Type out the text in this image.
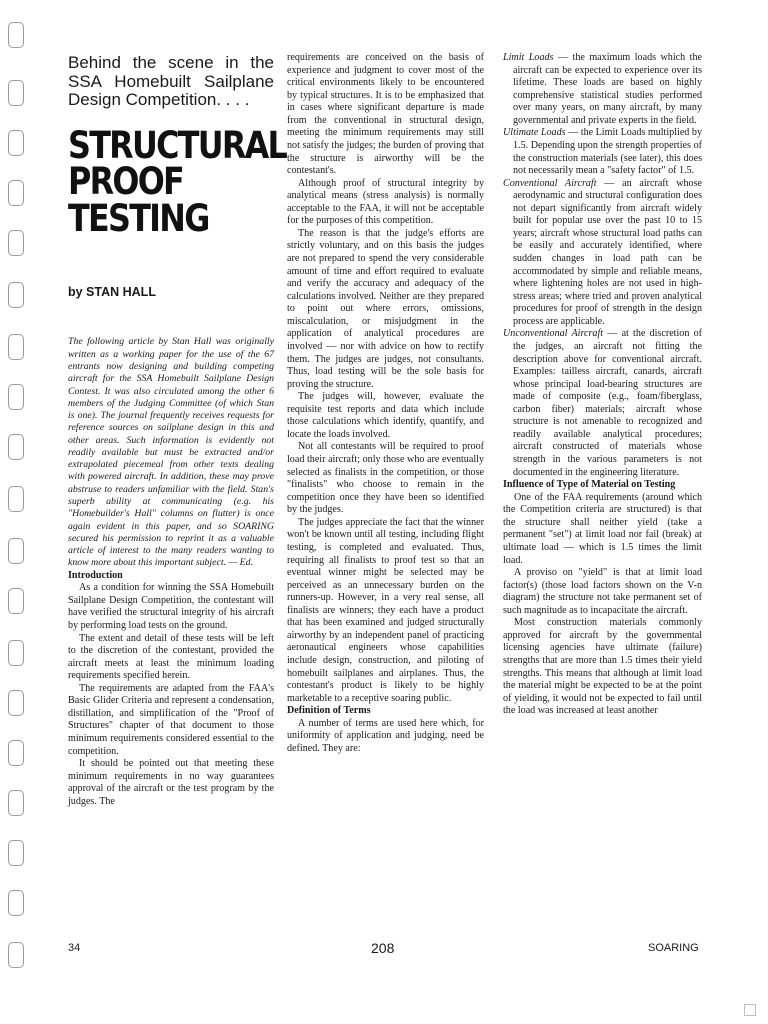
Behind the scene in the SSA Homebuilt Sailplane Design Competition. . . .
STRUCTURAL
PROOF
TESTING
by STAN HALL

The following article by Stan Hall was originally written as a working paper for the use of the 67 entrants now designing and building competing aircraft for the SSA Homebuilt Sailplane Design Contest. It was also circulated among the other 6 members of the Judging Committee (of which Stan is one). The journal frequently receives requests for reference sources on sailplane design in this and other areas. Such information is evidently not readily available but must be extracted and/or extrapolated piecemeal from other texts dealing with powered aircraft. In addition, these may prove abstruse to readers unfamiliar with the field. Stan's superb ability at communicating (e.g. his "Homebuilder's Hall" columns on flutter) is once again evident in this paper, and so SOARING secured his permission to reprint it as a valuable article of interest to the many readers wanting to know more about this important subject. — Ed.

Introduction

As a condition for winning the SSA Homebuilt Sailplane Design Competition, the contestant will have verified the structural integrity of his aircraft by performing load tests on the ground.

The extent and detail of these tests will be left to the discretion of the contestant, provided the aircraft meets at least the minimum loading requirements specified herein.

The requirements are adapted from the FAA's Basic Glider Criteria and represent a condensation, distillation, and simplification of the "Proof of Structures" chapter of that document to those minimum requirements considered essential to the competition.

It should be pointed out that meeting these minimum requirements in no way guarantees approval of the aircraft or the test program by the judges. The

requirements are conceived on the basis of experience and judgment to cover most of the critical environments likely to be encountered by typical structures. It is to be emphasized that in cases where significant departure is made from the conventional in structural design, meeting the minimum requirements may still not satisfy the judges; the burden of proving that the structure is airworthy will be the contestant's.

Although proof of structural integrity by analytical means (stress analysis) is normally acceptable to the FAA, it will not be acceptable for the purposes of this competition.

The reason is that the judge's efforts are strictly voluntary, and on this basis the judges are not prepared to spend the very considerable amount of time and effort required to evaluate and verify the accuracy and adequacy of the calculations involved. Neither are they prepared to point out where errors, omissions, miscalculation, or misjudgment in the application of analytical procedures are involved — nor with advice on how to rectify them. The judges are judges, not consultants. Thus, load testing will be the sole basis for proving the structure.

The judges will, however, evaluate the requisite test reports and data which include those calculations which identify, quantify, and locate the loads involved.

Not all contestants will be required to proof load their aircraft; only those who are eventually selected as finalists in the competition, or those "finalists" who choose to remain in the competition once they have been so identified by the judges.

The judges appreciate the fact that the winner won't be known until all testing, including flight testing, is completed and evaluated. Thus, requiring all finalists to proof test so that an eventual winner might be selected may be perceived as an unnecessary burden on the runners-up. However, in a very real sense, all finalists are winners; they each have a product that has been examined and judged structurally airworthy by an independent panel of practicing aeronautical engineers whose capabilities include design, construction, and piloting of homebuilt sailplanes and airplanes. Thus, the contestant's product is likely to be highly marketable to a receptive soaring public.

Definition of Terms

A number of terms are used here which, for uniformity of application and judging, need be defined. They are:

Limit Loads — the maximum loads which the aircraft can be expected to experience over its lifetime. These loads are based on highly comprehensive statistical studies performed over many years, on many aircraft, by many governmental and private experts in the field.

Ultimate Loads — the Limit Loads multiplied by 1.5. Depending upon the strength properties of the construction materials (see later), this does not necessarily mean a "safety factor" of 1.5.

Conventional Aircraft — an aircraft whose aerodynamic and structural configuration does not depart significantly from aircraft widely built for popular use over the past 10 to 15 years; aircraft whose structural load paths can be easily and accurately identified, where sudden changes in load path can be accommodated by simple and reliable means, where lightening holes are not used in high-stress areas; where tried and proven analytical procedures for proof of strength in the design process are applicable.

Unconventional Aircraft — at the discretion of the judges, an aircraft not fitting the description above for conventional aircraft. Examples: tailless aircraft, canards, aircraft whose principal load-bearing structures are made of composite (e.g., foam/fiberglass, carbon fiber) materials; aircraft whose structure is not amenable to recognized and readily available analytical procedures; aircraft constructed of materials whose strength in the various parameters is not documented in the engineering literature.

Influence of Type of Material on Testing

One of the FAA requirements (around which the Competition criteria are structured) is that the structure shall neither yield (take a permanent "set") at limit load nor fail (break) at ultimate load — which is 1.5 times the limit load.

A proviso on "yield" is that at limit load factor(s) (those load factors shown on the V-n diagram) the structure not take permanent set of such magnitude as to incapacitate the aircraft.

Most construction materials commonly approved for aircraft by the governmental licensing agencies have ultimate (failure) strengths that are more than 1.5 times their yield strengths. This means that although at limit load the material might be expected to be at the point of yielding, it would not be expected to fail until the load was increased at least another

34	208	SOARING
